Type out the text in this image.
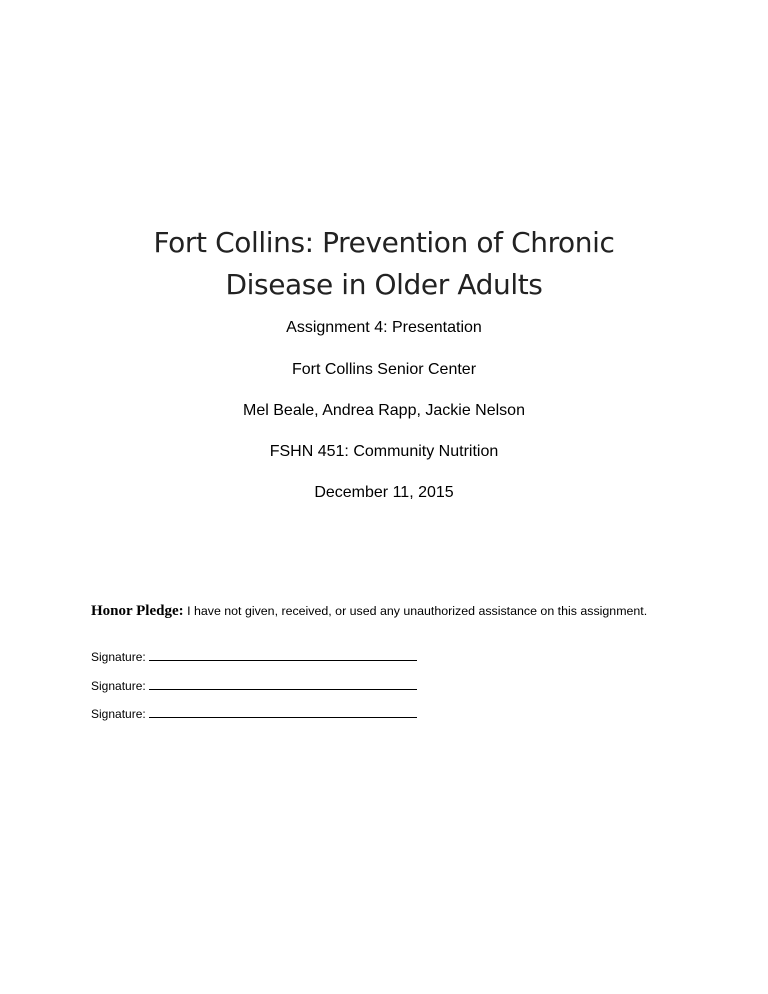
Fort Collins: Prevention of Chronic
Disease in Older Adults
Assignment 4: Presentation
Fort Collins Senior Center
Mel Beale, Andrea Rapp, Jackie Nelson
FSHN 451: Community Nutrition
December 11, 2015
Honor Pledge: I have not given, received, or used any unauthorized assistance on this assignment.
Signature:
Signature:
Signature:
